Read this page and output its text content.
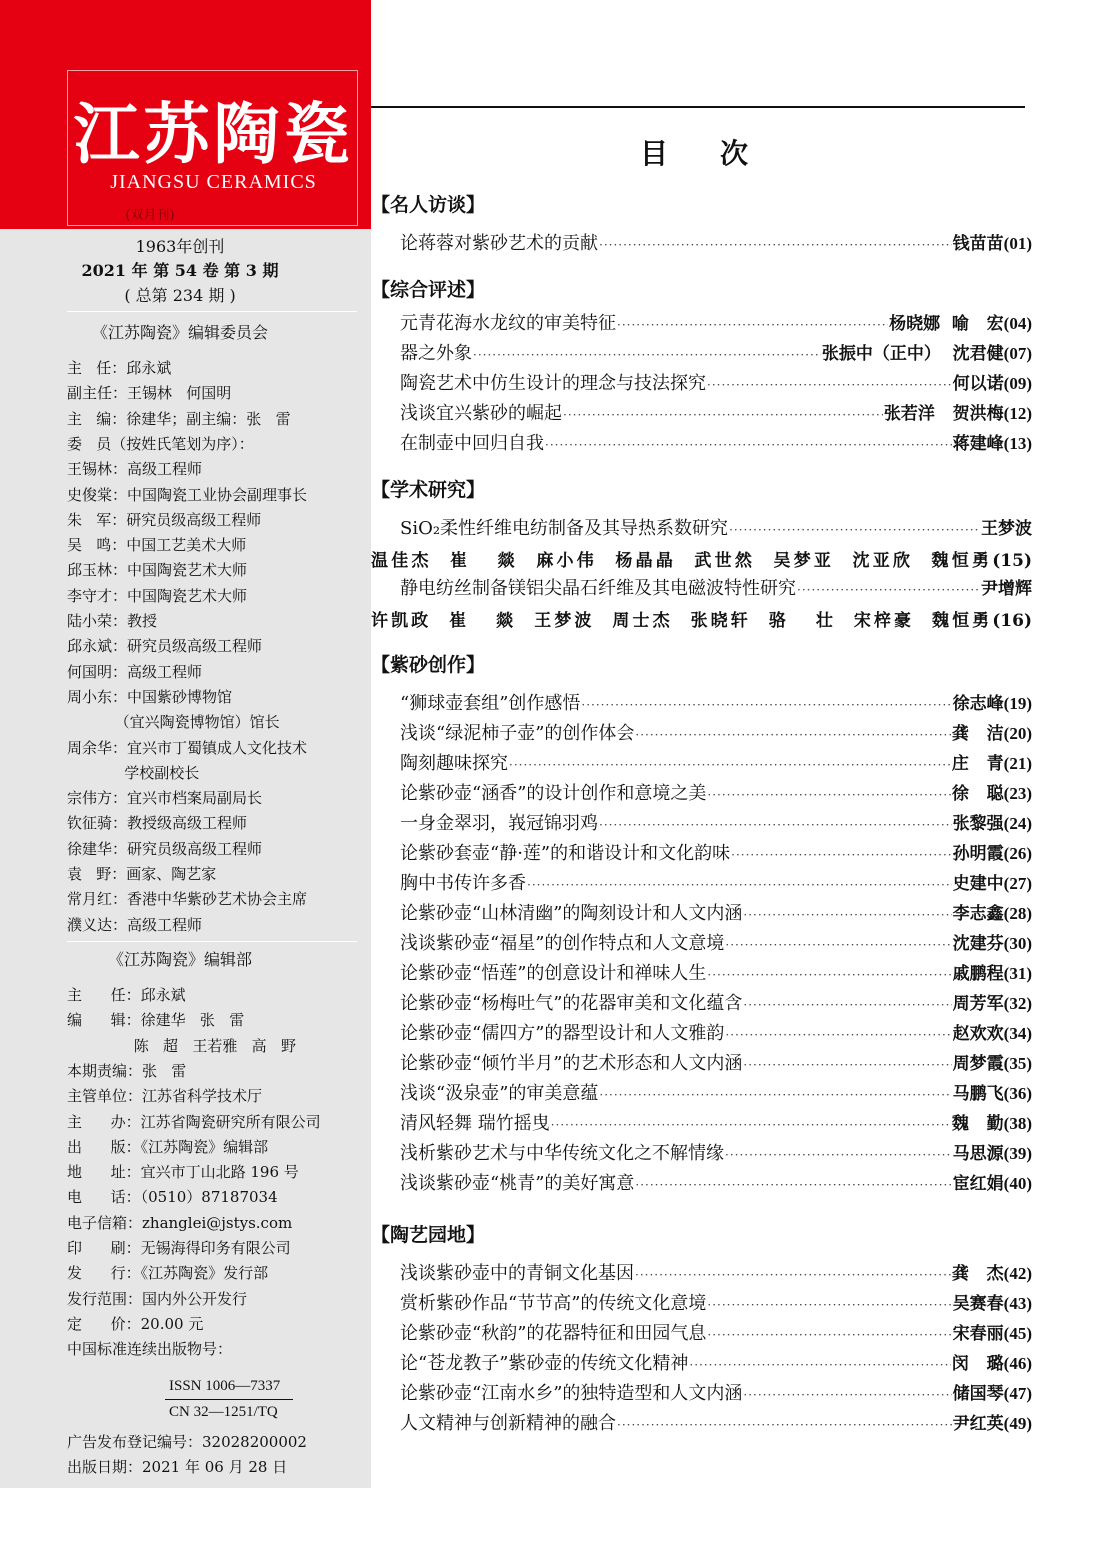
江苏陶瓷
JIANGSU CERAMICS
(双月刊)
1963年创刊
2021 年 第 54 卷 第 3 期
( 总第 234 期 )
《江苏陶瓷》编辑委员会
主   任：邱永斌
副主任：王锡林   何国明
主   编：徐建华；副主编：张   雷
委   员（按姓氏笔划为序）：
王锡林：高级工程师
史俊棠：中国陶瓷工业协会副理事长
朱   军：研究员级高级工程师
吴   鸣：中国工艺美术大师
邱玉林：中国陶瓷艺术大师
李守才：中国陶瓷艺术大师
陆小荣：教授
邱永斌：研究员级高级工程师
何国明：高级工程师
周小东：中国紫砂博物馆
（宜兴陶瓷博物馆）馆长
周余华：宜兴市丁蜀镇成人文化技术
学校副校长
宗伟方：宜兴市档案局副局长
钦征骑：教授级高级工程师
徐建华：研究员级高级工程师
袁   野：画家、陶艺家
常月红：香港中华紫砂艺术协会主席
濮义达：高级工程师
《江苏陶瓷》编辑部
主      任：邱永斌
编      辑：徐建华   张   雷
陈   超   王若雅   高   野
本期责编：张   雷
主管单位：江苏省科学技术厅
主      办：江苏省陶瓷研究所有限公司
出      版：《江苏陶瓷》编辑部
地      址：宜兴市丁山北路 196 号
电      话：（0510）87187034
电子信箱：zhanglei@jstys.com
印      刷：无锡海得印务有限公司
发      行：《江苏陶瓷》发行部
发行范围：国内外公开发行
定      价：20.00 元
中国标准连续出版物号：
ISSN 1006—7337
CN 32—1251/TQ
广告发布登记编号：32028200002
出版日期：2021 年 06 月 28 日
目次
【名人访谈】
论蒋蓉对紫砂艺术的贡献 ·····	钱苗苗 (01)
【综合评述】
元青花海水龙纹的审美特征 ·····	杨晓娜  喻   宏 (04)
器之外象 ·····	张振中（正中）  沈君健 (07)
陶瓷艺术中仿生设计的理念与技法探究 ·····	何以诺 (09)
浅谈宜兴紫砂的崛起 ·····	张若洋   贺洪梅 (12)
在制壶中回归自我 ·····	蒋建峰 (13)
【学术研究】
SiO₂柔性纤维电纺制备及其导热系数研究 ·····	王梦波
温佳杰  崔   燚  麻小伟  杨晶晶  武世然  吴梦亚  沈亚欣  魏恒勇(15)
静电纺丝制备镁铝尖晶石纤维及其电磁波特性研究 ·····	尹增辉
许凯政  崔   燚  王梦波  周士杰  张晓轩  骆   壮  宋梓豪  魏恒勇(16)
【紫砂创作】
“狮球壶套组”创作感悟 ·····	徐志峰 (19)
浅谈“绿泥柿子壶”的创作体会 ·····	龚   洁 (20)
陶刻趣味探究 ·····	庄   青 (21)
论紫砂壶“涵香”的设计创作和意境之美 ·····	徐   聪 (23)
一身金翠羽，峩冠锦羽鸡 ·····	张黎强 (24)
论紫砂套壶“静·莲”的和谐设计和文化韵味 ·····	孙明霞 (26)
胸中书传许多香 ·····	史建中 (27)
论紫砂壶“山林清幽”的陶刻设计和人文内涵 ·····	李志鑫 (28)
浅谈紫砂壶“福星”的创作特点和人文意境 ·····	沈建芬 (30)
论紫砂壶“悟莲”的创意设计和禅味人生 ·····	戚鹏程 (31)
论紫砂壶“杨梅吐气”的花器审美和文化蕴含 ·····	周芳军 (32)
论紫砂壶“儒四方”的器型设计和人文雅韵 ·····	赵欢欢 (34)
论紫砂壶“倾竹半月”的艺术形态和人文内涵 ·····	周梦霞 (35)
浅谈“汲泉壶”的审美意蕴 ·····	马鹏飞 (36)
清风轻舞 瑞竹摇曳 ·····	魏   勤 (38)
浅析紫砂艺术与中华传统文化之不解情缘 ·····	马思源 (39)
浅谈紫砂壶“桃青”的美好寓意 ·····	宦红娟 (40)
【陶艺园地】
浅谈紫砂壶中的青铜文化基因 ·····	龚   杰 (42)
赏析紫砂作品“节节高”的传统文化意境 ·····	吴赛春 (43)
论紫砂壶“秋韵”的花器特征和田园气息 ·····	宋春丽 (45)
论“苍龙教子”紫砂壶的传统文化精神 ·····	闵   璐 (46)
论紫砂壶“江南水乡”的独特造型和人文内涵 ·····	储国琴 (47)
人文精神与创新精神的融合 ·····	尹红英 (49)
